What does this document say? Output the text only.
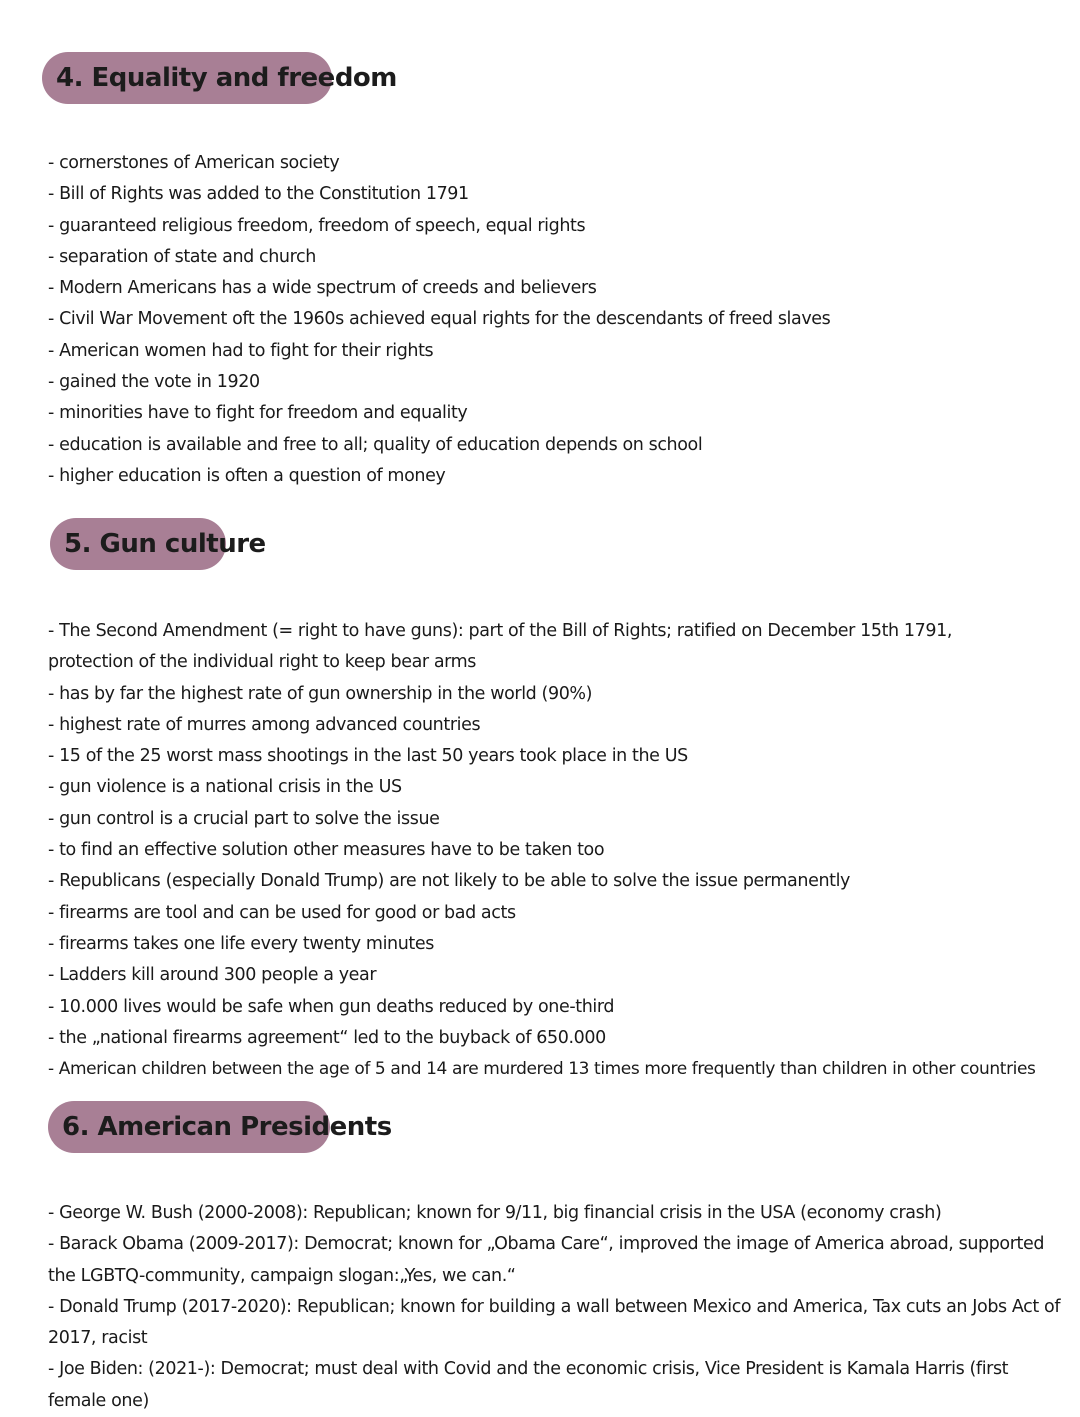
4. Equality and freedom
- cornerstones of American society
- Bill of Rights was added to the Constitution 1791
- guaranteed religious freedom, freedom of speech, equal rights
- separation of state and church
- Modern Americans has a wide spectrum of creeds and believers
- Civil War Movement oft the 1960s achieved equal rights for the descendants of freed slaves
- American women had to fight for their rights
- gained the vote in 1920
- minorities have to fight for freedom and equality
- education is available and free to all; quality of education depends on school
- higher education is often a question of money
5. Gun culture
- The Second Amendment (= right to have guns): part of the Bill of Rights; ratified on December 15th 1791, protection of the individual right to keep bear arms
- has by far the highest rate of gun ownership in the world (90%)
- highest rate of murres among advanced countries
- 15 of the 25 worst mass shootings in the last 50 years took place in the US
- gun violence is a national crisis in the US
- gun control is a crucial part to solve the issue
- to find an effective solution other measures have to be taken too
- Republicans (especially Donald Trump) are not likely to be able to solve the issue permanently
- firearms are tool and can be used for good or bad acts
- firearms takes one life every twenty minutes
- Ladders kill around 300 people a year
- 10.000 lives would be safe when gun deaths reduced by one-third
- the „national firearms agreement“ led to the buyback of 650.000
- American children between the age of 5 and 14 are murdered 13 times more frequently than children in other countries
6. American Presidents
- George W. Bush (2000-2008): Republican; known for 9/11, big financial crisis in the USA (economy crash)
- Barack Obama (2009-2017): Democrat; known for „Obama Care“, improved the image of America abroad, supported the LGBTQ-community, campaign slogan:„Yes, we can.“
- Donald Trump (2017-2020): Republican; known for building a wall between Mexico and America, Tax cuts an Jobs Act of 2017, racist
- Joe Biden: (2021-): Democrat; must deal with Covid and the economic crisis, Vice President is Kamala Harris (first female one)
